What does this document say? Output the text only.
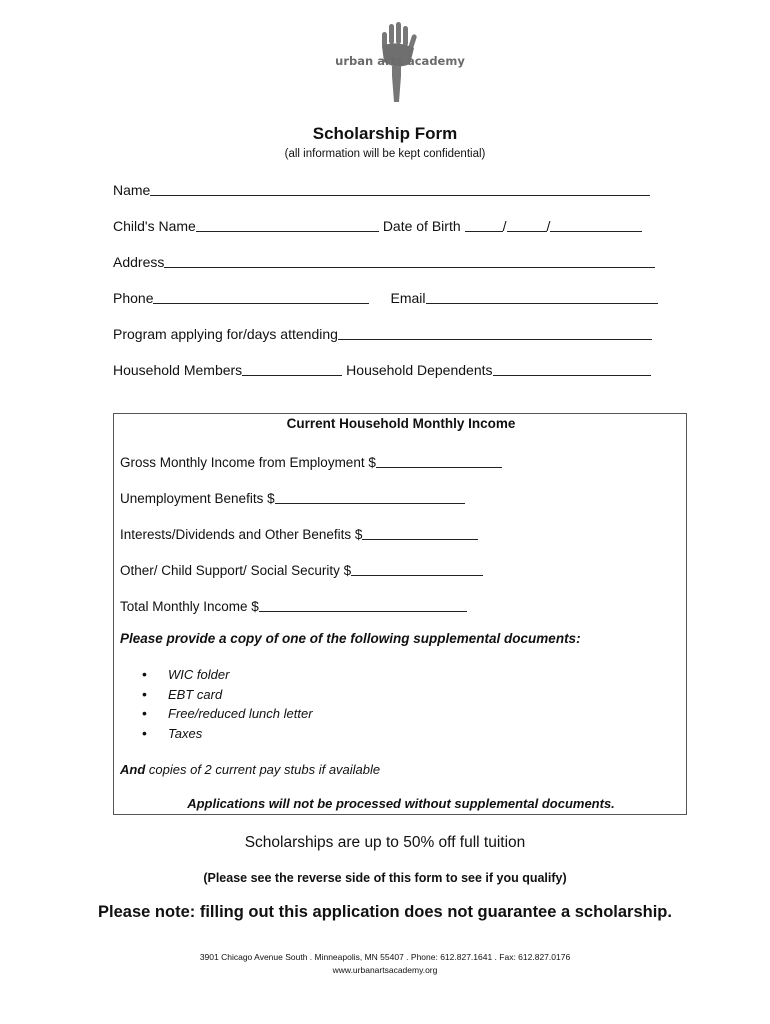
urban arts academy
Scholarship Form
(all information will be kept confidential)
Name
Child's Name	Date of Birth	/	/
Address
Phone	Email
Program applying for/days attending
Household Members	Household Dependents
Current Household Monthly Income
Gross Monthly Income from Employment $
Unemployment Benefits $
Interests/Dividends and Other Benefits $
Other/ Child Support/ Social Security $
Total Monthly Income $
Please provide a copy of one of the following supplemental documents:
• WIC folder
• EBT card
• Free/reduced lunch letter
• Taxes
And copies of 2 current pay stubs if available
Applications will not be processed without supplemental documents.
Scholarships are up to 50% off full tuition
(Please see the reverse side of this form to see if you qualify)
Please note: filling out this application does not guarantee a scholarship.
3901 Chicago Avenue South . Minneapolis, MN 55407 . Phone: 612.827.1641 . Fax: 612.827.0176
www.urbanartsacademy.org
